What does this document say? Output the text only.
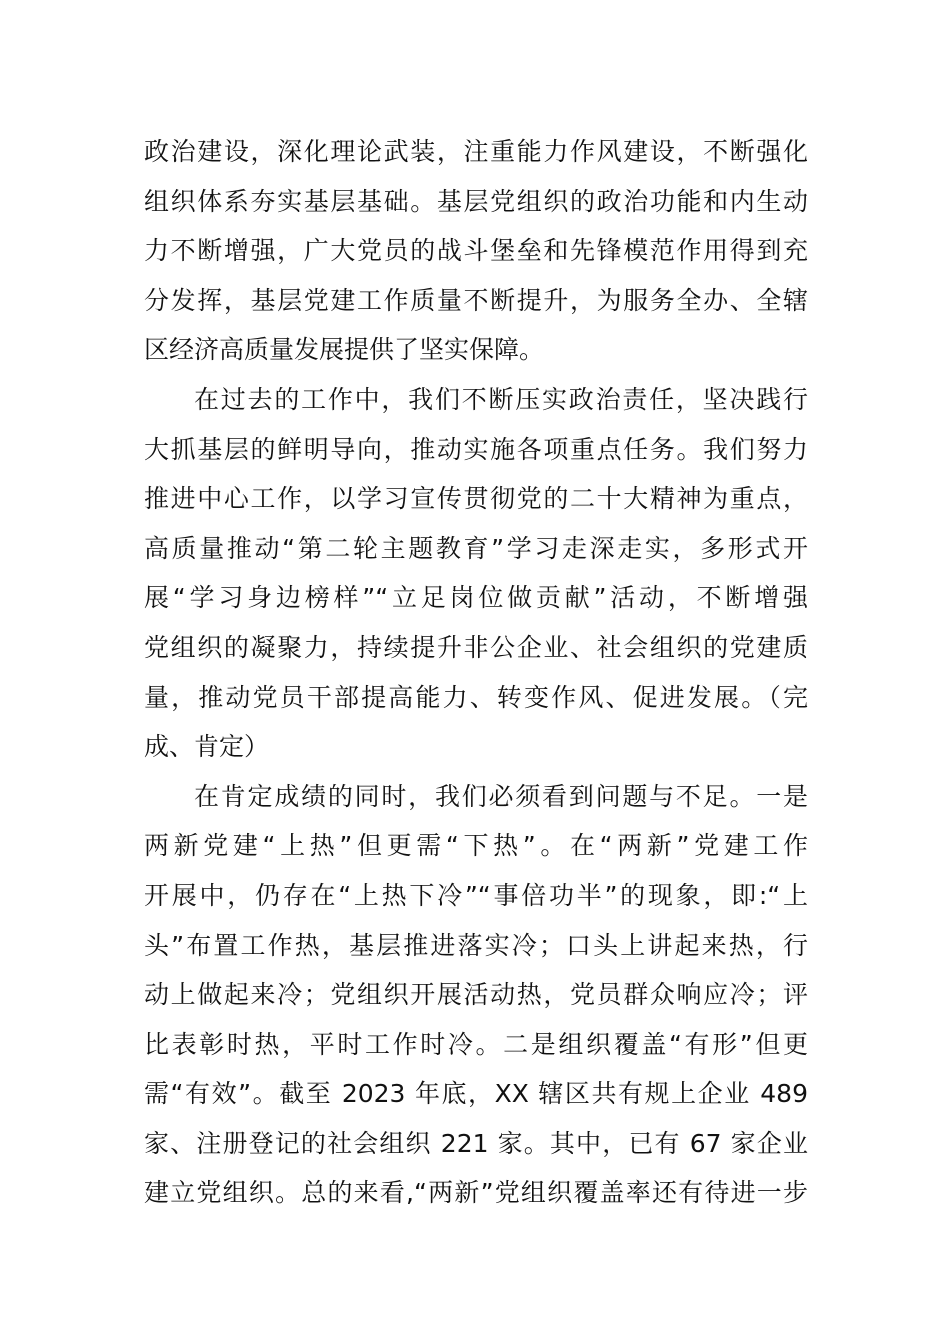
政治建设，深化理论武装，注重能力作风建设，不断强化
组织体系夯实基层基础。基层党组织的政治功能和内生动
力不断增强，广大党员的战斗堡垒和先锋模范作用得到充
分发挥，基层党建工作质量不断提升，为服务全办、全辖
区经济高质量发展提供了坚实保障。
在过去的工作中，我们不断压实政治责任，坚决践行
大抓基层的鲜明导向，推动实施各项重点任务。我们努力
推进中心工作，以学习宣传贯彻党的二十大精神为重点，
高质量推动“第二轮主题教育”学习走深走实，多形式开
展“学习身边榜样”“立足岗位做贡献”活动，不断增强
党组织的凝聚力，持续提升非公企业、社会组织的党建质
量，推动党员干部提高能力、转变作风、促进发展。（完
成、肯定）
在肯定成绩的同时，我们必须看到问题与不足。一是
两新党建“上热”但更需“下热”。在“两新”党建工作
开展中，仍存在“上热下冷”“事倍功半”的现象，即:“上
头”布置工作热，基层推进落实冷；口头上讲起来热，行
动上做起来冷；党组织开展活动热，党员群众响应冷；评
比表彰时热，平时工作时冷。二是组织覆盖“有形”但更
需“有效”。截至 2023 年底，XX 辖区共有规上企业 489
家、注册登记的社会组织 221 家。其中，已有 67 家企业
建立党组织。总的来看,“两新”党组织覆盖率还有待进一步
